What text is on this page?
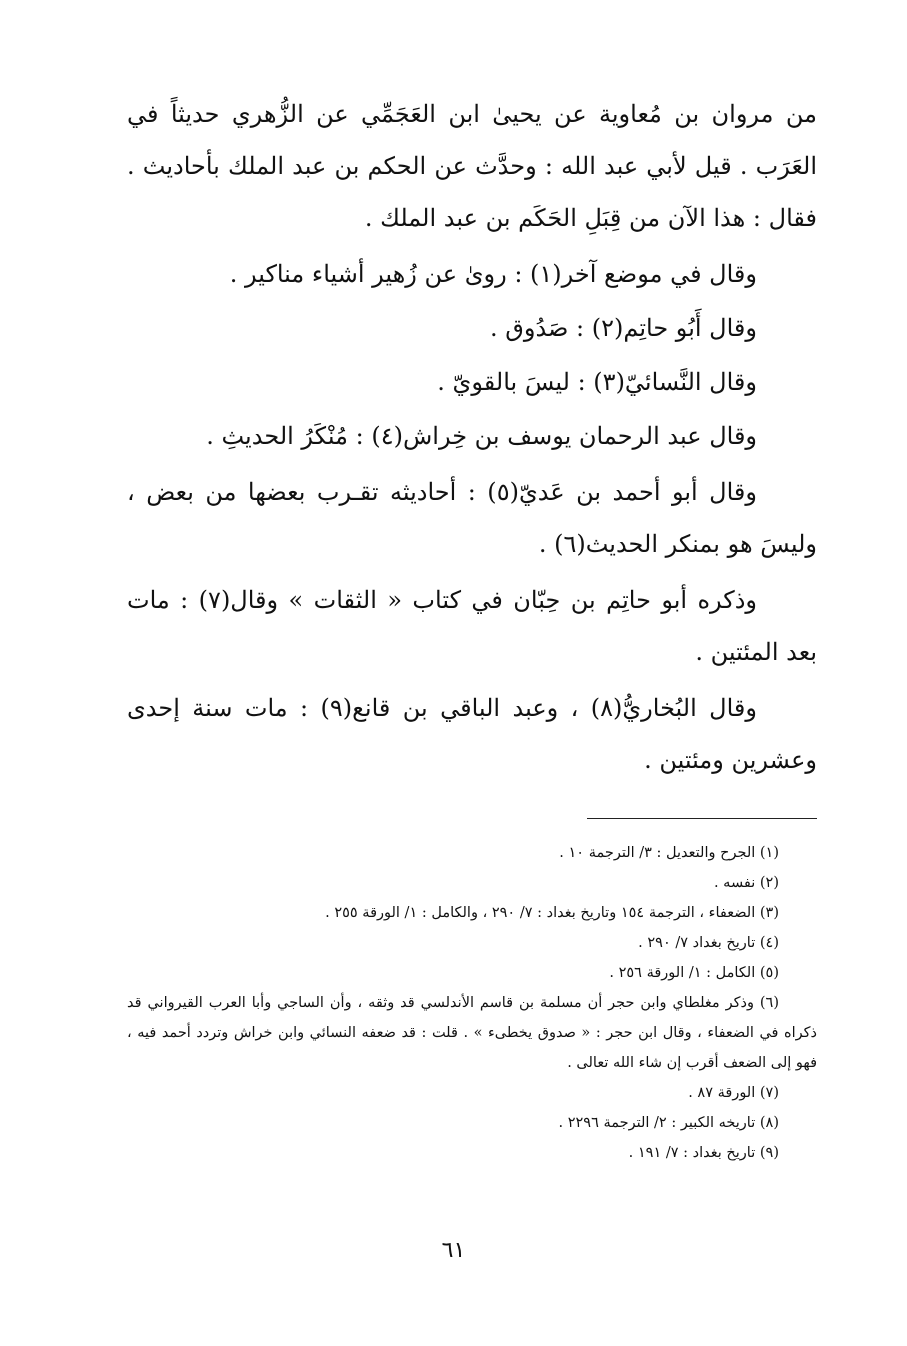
من مروان بن مُعاوية عن يحيىٰ ابن العَجَمِّي عن الزُّهري حديثاً في العَرَب . قيل لأبي عبد الله : وحدَّث عن الحكم بن عبد الملك بأحاديث . فقال : هذا الآن من قِبَلِ الحَكَم بن عبد الملك .

وقال في موضع آخر(١) : روىٰ عن زُهير أشياء مناكير .

وقال أَبُو حاتِم(٢) : صَدُوق .

وقال النَّسائيّ(٣) : ليسَ بالقويّ .

وقال عبد الرحمان يوسف بن خِراش(٤) : مُنْكَرُ الحديثِ .

وقال أبو أحمد بن عَديّ(٥) : أحاديثه تقـرب بعضها من بعض ، وليسَ هو بمنكر الحديث(٦) .

وذكره أبو حاتِم بن حِبّان في كتاب « الثقات » وقال(٧) : مات بعد المئتين .

وقال البُخاريُّ(٨) ، وعبد الباقي بن قانع(٩) : مات سنة إحدى وعشرين ومئتين .

(١) الجرح والتعديل : ٣/ الترجمة ١٠ .

(٢) نفسه .

(٣) الضعفاء ، الترجمة ١٥٤ وتاريخ بغداد : ٧/ ٢٩٠ ، والكامل : ١/ الورقة ٢٥٥ .

(٤) تاريخ بغداد ٧/ ٢٩٠ .

(٥) الكامل : ١/ الورقة ٢٥٦ .

(٦) وذكر مغلطاي وابن حجر أن مسلمة بن قاسم الأندلسي قد وثقه ، وأن الساجي وأبا العرب القيرواني قد ذكراه في الضعفاء ، وقال ابن حجر : « صدوق يخطىء » . قلت : قد ضعفه النسائي وابن خراش وتردد أحمد فيه ، فهو إلى الضعف أقرب إن شاء الله تعالى .

(٧) الورقة ٨٧ .

(٨) تاريخه الكبير : ٢/ الترجمة ٢٢٩٦ .

(٩) تاريخ بغداد : ٧/ ١٩١ .

٦١
